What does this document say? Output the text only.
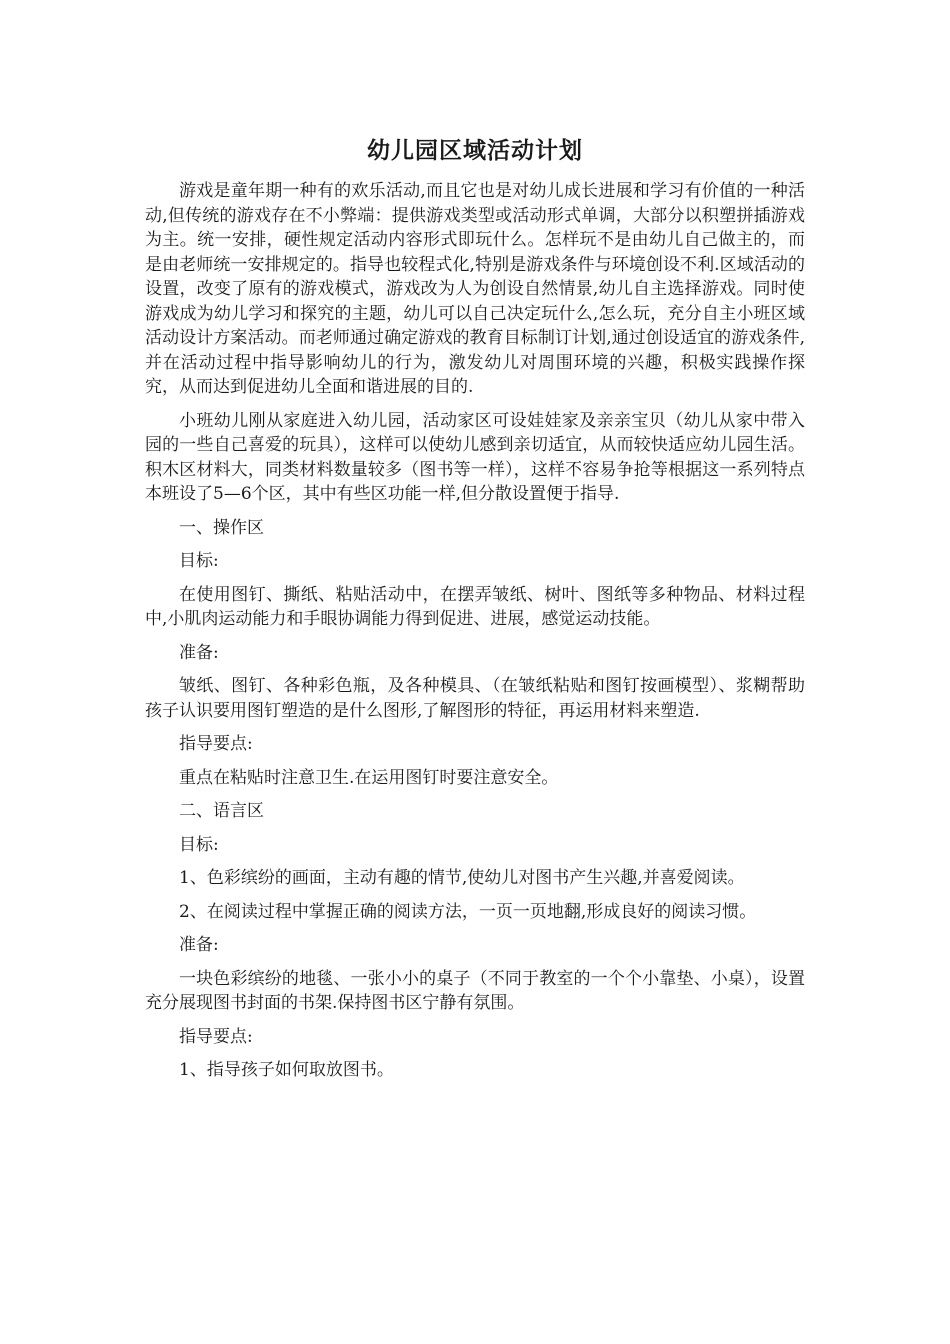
幼儿园区域活动计划

游戏是童年期一种有的欢乐活动,而且它也是对幼儿成长进展和学习有价值的一种活动,但传统的游戏存在不小弊端：提供游戏类型或活动形式单调，大部分以积塑拼插游戏为主。统一安排，硬性规定活动内容形式即玩什么。怎样玩不是由幼儿自己做主的，而是由老师统一安排规定的。指导也较程式化,特别是游戏条件与环境创设不利.区域活动的设置，改变了原有的游戏模式，游戏改为人为创设自然情景,幼儿自主选择游戏。同时使游戏成为幼儿学习和探究的主题，幼儿可以自己决定玩什么,怎么玩，充分自主小班区域活动设计方案活动。而老师通过确定游戏的教育目标制订计划,通过创设适宜的游戏条件,并在活动过程中指导影响幼儿的行为，激发幼儿对周围环境的兴趣，积极实践操作探究，从而达到促进幼儿全面和谐进展的目的.

小班幼儿刚从家庭进入幼儿园，活动家区可设娃娃家及亲亲宝贝（幼儿从家中带入园的一些自己喜爱的玩具），这样可以使幼儿感到亲切适宜，从而较快适应幼儿园生活。积木区材料大，同类材料数量较多（图书等一样），这样不容易争抢等根据这一系列特点本班设了5—6个区，其中有些区功能一样,但分散设置便于指导.

一、操作区

目标:

在使用图钉、撕纸、粘贴活动中，在摆弄皱纸、树叶、图纸等多种物品、材料过程中,小肌肉运动能力和手眼协调能力得到促进、进展，感觉运动技能。

准备:

皱纸、图钉、各种彩色瓶，及各种模具、（在皱纸粘贴和图钉按画模型）、浆糊帮助孩子认识要用图钉塑造的是什么图形,了解图形的特征，再运用材料来塑造.

指导要点:

重点在粘贴时注意卫生.在运用图钉时要注意安全。

二、语言区

目标:

1、色彩缤纷的画面，主动有趣的情节,使幼儿对图书产生兴趣,并喜爱阅读。

2、在阅读过程中掌握正确的阅读方法，一页一页地翻,形成良好的阅读习惯。

准备:

一块色彩缤纷的地毯、一张小小的桌子（不同于教室的一个个小靠垫、小桌），设置充分展现图书封面的书架.保持图书区宁静有氛围。

指导要点:

1、指导孩子如何取放图书。
